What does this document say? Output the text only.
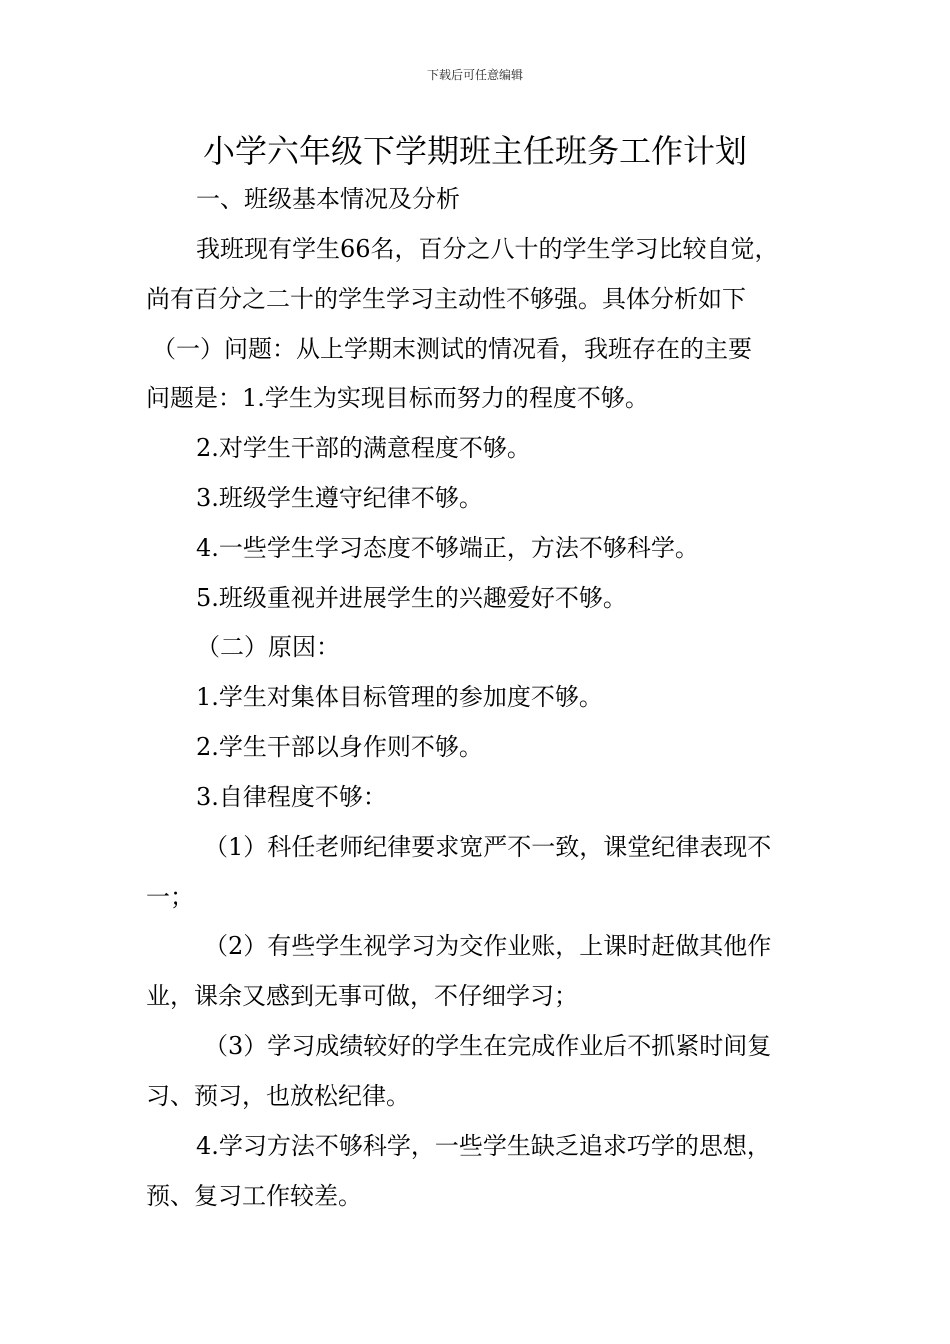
下载后可任意编辑
小学六年级下学期班主任班务工作计划
一、班级基本情况及分析
我班现有学生66名，百分之八十的学生学习比较自觉，
尚有百分之二十的学生学习主动性不够强。具体分析如下
（一）问题：从上学期末测试的情况看，我班存在的主要
问题是：1.学生为实现目标而努力的程度不够。
2.对学生干部的满意程度不够。
3.班级学生遵守纪律不够。
4.一些学生学习态度不够端正，方法不够科学。
5.班级重视并进展学生的兴趣爱好不够。
（二）原因：
1.学生对集体目标管理的参加度不够。
2.学生干部以身作则不够。
3.自律程度不够：
（1）科任老师纪律要求宽严不一致，课堂纪律表现不
一；
（2）有些学生视学习为交作业账，上课时赶做其他作
业，课余又感到无事可做，不仔细学习；
（3）学习成绩较好的学生在完成作业后不抓紧时间复
习、预习，也放松纪律。
4.学习方法不够科学，一些学生缺乏追求巧学的思想，
预、复习工作较差。
